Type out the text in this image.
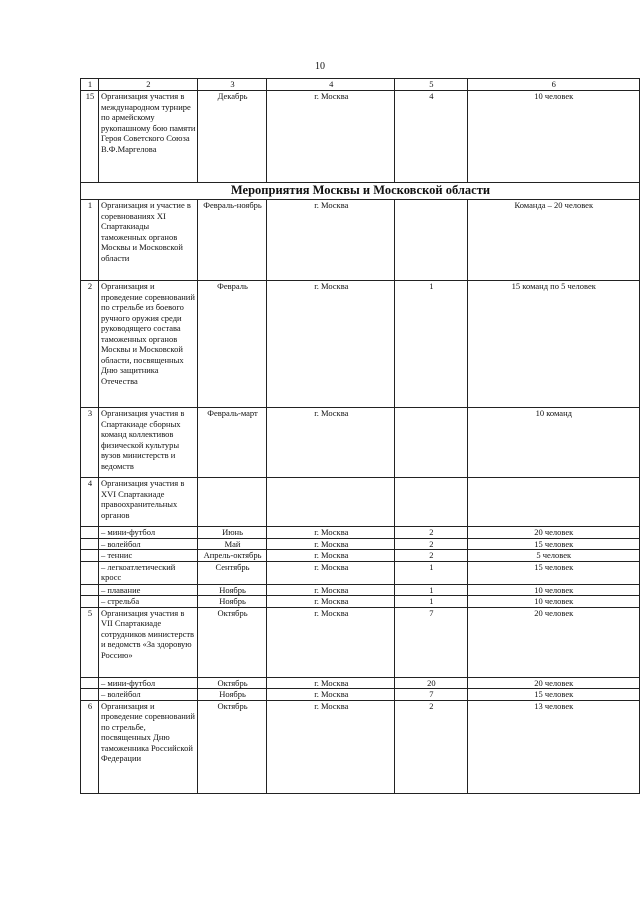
10
1	2	3	4	5	6
15	Организация участия в международном турнире по армейскому рукопашному бою памяти Героя Советского Союза В.Ф.Маргелова	Декабрь	г. Москва	4	10 человек
Мероприятия Москвы и Московской области					
1	Организация и участие в соревнованиях XI Спартакиады таможенных органов Москвы и Московской области	Февраль-ноябрь	г. Москва		Команда – 20 человек
2	Организация и проведение соревнований по стрельбе из боевого ручного оружия среди руководящего состава таможенных органов Москвы и Московской области, посвященных Дню защитника Отечества	Февраль	г. Москва	1	15 команд по 5 человек
3	Организация участия в Спартакиаде сборных команд коллективов физической культуры вузов министерств и ведомств	Февраль-март	г. Москва		10 команд
4	Организация участия в XVI Спартакиаде правоохранительных органов				
	– мини-футбол	Июнь	г. Москва	2	20 человек
	– волейбол	Май	г. Москва	2	15 человек
	– теннис	Апрель-октябрь	г. Москва	2	5 человек
	– легкоатлетический кросс	Сентябрь	г. Москва	1	15 человек
	– плавание	Ноябрь	г. Москва	1	10 человек
	– стрельба	Ноябрь	г. Москва	1	10 человек
5	Организация участия в VII Спартакиаде сотрудников министерств и ведомств «За здоровую Россию»	Октябрь	г. Москва	7	20 человек
	– мини-футбол	Октябрь	г. Москва	20	20 человек
	– волейбол	Ноябрь	г. Москва	7	15 человек
6	Организация и проведение соревнований по стрельбе, посвященных Дню таможенника Российской Федерации	Октябрь	г. Москва	2	13 человек
